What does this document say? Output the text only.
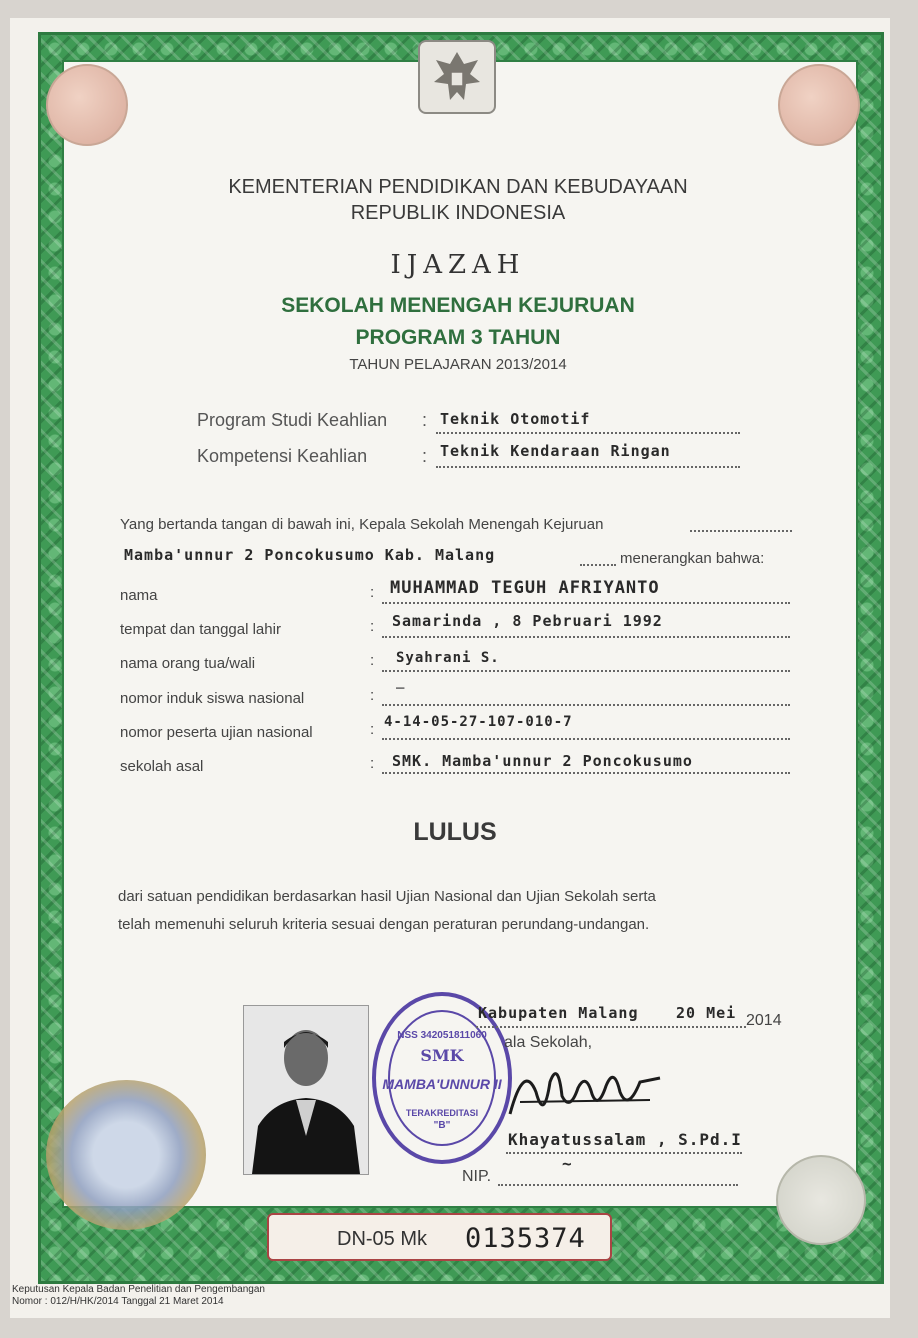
KEMENTERIAN PENDIDIKAN DAN KEBUDAYAAN
REPUBLIK INDONESIA
IJAZAH
SEKOLAH MENENGAH KEJURUAN
PROGRAM 3 TAHUN
TAHUN PELAJARAN 2013/2014
Program Studi Keahlian : Teknik Otomotif
Kompetensi Keahlian	: Teknik Kendaraan Ringan
Yang bertanda tangan di bawah ini, Kepala Sekolah Menengah Kejuruan
Mamba'unnur 2 Poncokusumo Kab. Malang	menerangkan bahwa:
nama	: MUHAMMAD TEGUH AFRIYANTO
tempat dan tanggal lahir	: Samarinda , 8 Pebruari 1992
nama orang tua/wali	: Syahrani S.
nomor induk siswa nasional	: —
nomor peserta ujian nasional	: 4-14-05-27-107-010-7
sekolah asal	: SMK. Mamba'unnur 2 Poncokusumo
LULUS
dari satuan pendidikan berdasarkan hasil Ujian Nasional dan Ujian Sekolah serta
telah memenuhi seluruh kriteria sesuai dengan peraturan perundang-undangan.
NSS 342051811060
SMK
MAMBA'UNNUR II
TERAKREDITASI
"B"
Kabupaten Malang	20 Mei 2014
ala Sekolah,
Khayatussalam , S.Pd.I
NIP.
~
DN-05 Mk 0135374
Keputusan Kepala Badan Penelitian dan Pengembangan
Nomor : 012/H/HK/2014 Tanggal 21 Maret 2014
